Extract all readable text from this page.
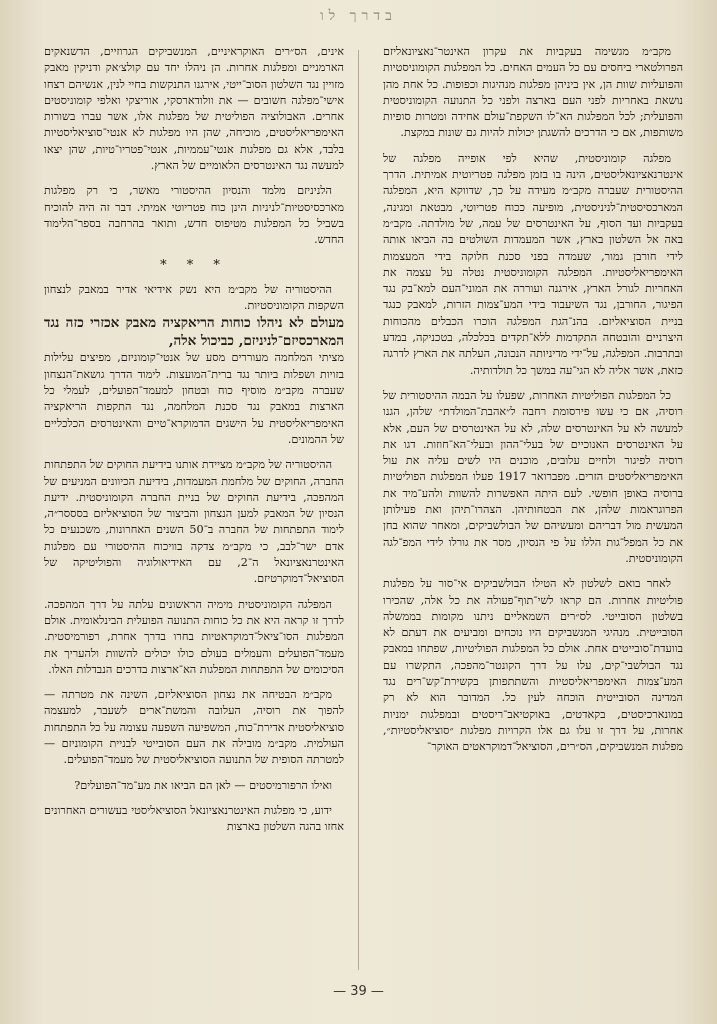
בדרך לו

מקב״מ מגשימה בעקביות את עקרון האינטר־נאציונאליזם הפרולטארי ביחסים עם כל העמים האחים. כל המפלגות הקומוניסטיות והפועליות שוות הן, אין ביניהן מפלגות מנהיגות וכפופות. כל אחת מהן נושאת באחריות לפני העם בארצה ולפני כל התנועה הקומוניסטית והפועלית; לכל המפלגות הא־לו השקפת־עולם אחידה ומטרות סופיות משותפות, אם כי הדרכים להשגתן יכולות להיות גם שונות במקצת.

מפלגה קומוניסטית, שהיא לפי אופייה מפלגה של אינטרנאציונאליסטים, הינה בו בזמן מפלגה פטריוטית אמיתית. הדרך ההיסטורית שעברה מקב״מ מעידה על כך, שדווקא היא, המפלגה המארכסיסטית־לניניסטית, מופיעה ככוח פטריוטי, מבטאת ומגינה, בעקביות ועד הסוף, על האינטרסים של עמה, של מולדתה. מקב״מ באה אל השלטון בארץ, אשר המעמדות השולטים בה הביאו אותה לידי חורבן גמור, שעמדה בפני סכנת חלוקה בידי המעצמות האימפריאליסטיות. המפלגה הקומוניסטית נטלה על עצמה את האחריות לגורל הארץ, אירגנה ועוררה את המוני־העם למא־בק נגד הפיגור, החורבן, נגד השיעבוד בידי המע־צמות הזרות, למאבק כנגד בניית הסוציאליזם. בהנ־הגת המפלגה הוכרו הכבלים מהכוחות היצרניים והובטחה התקדמות ללא־תקדים בכלכלה, בטכניקה, במדע ובתרבות. המפלגה, על־ידי מדיניותה הנכונה, העלתה את הארץ לדרגה כזאת, אשר אליה לא הגי־עה במשך כל תולדותיה.

כל המפלגות הפוליטיות האחרות, שפעלו על הבמה ההיסטורית של רוסיה, אם כי עשו פירסומת רחבה ל״אהבת־המולדת״ שלהן, הגנו למעשה לא על האינטרסים שלה, לא על האינטרסים של העם, אלא על האינטרסים האנוכיים של בעלי־ההון ובעלי־הא־חוזות. דגו את רוסיה לפיגור ולחיים עלובים, מוכנים היו לשים עליה את עול האימפריאליסטים הזרים. מפברואר 1917 פעלו המפלגות הפוליטיות ברוסיה באופן חופשי. לעם היתה האפשרות להשוות ולהע־מיד את הפרוגראמות שלהן, את הבטחותיהן. הצהרו־תיהן ואת פעילותן המעשית מול דבריהם ומעשיהם של הבולשביקים, ומאחר שהוא בחן את כל המפל־גות הללו על פי הנסיון, מסר את גורלו לידי המפ־לגה הקומוניסטית.

לאחר בואם לשלטון לא הטילו הבולשביקים אי־סור על מפלגות פוליטיות אחרות. הם קראו לשי־תוף־פעולה את כל אלה, שהכירו בשלטון הסובייטי. לס״רים השמאליים ניתנו מקומות בממשלה הסובייטית. מנהיגי המנשביקים היו נוכחים ומביעים את דעתם לא בוועדת־סובייטים אחת. אולם כל המפלגות הפוליטיות, שפתחו במאבק נגד הבולשבי־קים, עלו על דרך הקונטר־מהפכה, התקשרו עם המע־צמות האימפריאליסטיות והשתתפותן בקשירת־קש־רים נגד המדינה הסובייטית הוכחה לעין כל. המדובר הוא לא רק במונארכיסטים, בקאדטים, באוקטיאב־ריסטים ובמפלגות ימניות אחרות, על דרך זו עלו גם אלו הקרויות מפלגות ״סוציאליסטיות״, מפלגות המנשביקים, הס״רים, הסוציאל־דמוקראטים האוקר־

אינים, הס״רים האוקראיניים, המנשביקים הגרוזיים, הדשנאקים הארמניים ומפלגות אחרות. הן ניהלו יחד עם קולצ׳אק ודניקין מאבק מזויין נגד השלטון הסוב־ייטי, אירגנו התנקשות בחיי לנין, אנשיהם רצחו אישי־מפלגה חשובים — את וולודארסקי, אוריצקי ואלפי קומוניסטים אחרים. האבולוציה הפוליטית של מפלגות אלו, אשר עברו בשורות האימפריאליסטים, מוכיחה, שהן היו מפלגות לא אנטי־סוציאליסטיות בלבד, אלא גם מפלגות אנטי־עממיות, אנטי־פטריו־טיות, שהן יצאו למעשה נגד האינטרסים הלאומיים של הארץ.

הלניניזם מלמד והנסיון ההיסטורי מאשר, כי רק מפלגות מארכסיסטיות־לניניות הינן כוח פטריוטי אמיתי. דבר זה היה להוכיח בשביל כל המפלגות מטיפוס חדש, ותואר בהרחבה בספר־הלימוד החדש.

* * *

ההיסטוריה של מקב״מ היא נשק אידיאי אדיר במאבק לנצחון השקפות הקומוניסטיות.
מעולם לא ניהלו כוחות הריאקציה מאבק אכזרי כזה נגד המארכסיזם־לניניזם, כביכול אלה,
מציתי המלחמה מעוררים מסע של אנטי־קומוניזם, מפיצים עלילות בזויות ושפלות ביותר נגד ברית־המועצות. לימוד הדרך גושאת־הנצחון שעברה מקב״מ מוסיף כוח ובטחון למעמד־הפועלים, לעמלי כל הארצות במאבק נגד סכנת המלחמה, נגד התקפות הריאקציה האימפריאליסטית על הישגים הדמוקרא־טיים והאינטרסים הכלכליים של ההמונים.

ההיסטוריה של מקב״מ מציידת אותנו בידיעת החוקים של התפתחות החברה, החוקים של מלחמת המעמדות, בידיעת הכיוונים המניעים של המהפכה, בידיעת החוקים של בניית החברה הקומוניסטית. ידיעת הנסיון של המאבק למען הנצחון והביצור של הסוציאליזם בסססר״ה, לימוד התפתחות של החברה ב־50 השנים האחרונות, משכנעים כל אדם ישר־לבב, כי מקב״מ צדקה בוויכוח ההיסטורי עם מפלגות האינטרנאציונאל ה־2, עם האידיאולוגיה והפוליטיקה של הסוציאל־דמוקרטיזם.

המפלגה הקומוניסטית מימיה הראשונים עלתה על דרך המהפכה. לדרך זו קראה היא את כל כוחות התנועה הפועלית הבינלאומית. אולם המפלגות הסו־ציאל־דמוקראטיות בחרו בדרך אחרת, רפורמיסטית. מעמד־הפועלים והעמלים בעולם כולו יכולים להשוות ולהעריך את הסיכומים של התפתחות המפלגות הא־ארצות בדרכים הנבדלות האלו.

מקב״מ הבטיחה את נצחון הסוציאליזם, השינה את מטרתה — להפוך את רוסיה, העלובה והמשת־ארים לשעבר, למעצמה סוציאליסטית אדירת־כוח, המשפיעה השפעה עצומה על כל התפתחות העולמית. מקב״מ מובילה את העם הסובייטי לבניית הקומוניזם — למטרתה הסופית של התנועה הסוציאליסטית של מעמד־הפועלים.

ואילו הרפורמיסטים — לאן הם הביאו את מע־מד־הפועלים?

ידוע, כי מפלגות האינטרנאציונאל הסוציאליסטי בעשורים האחרונים אחזו בהגה השלטון בארצות

— 39 —
